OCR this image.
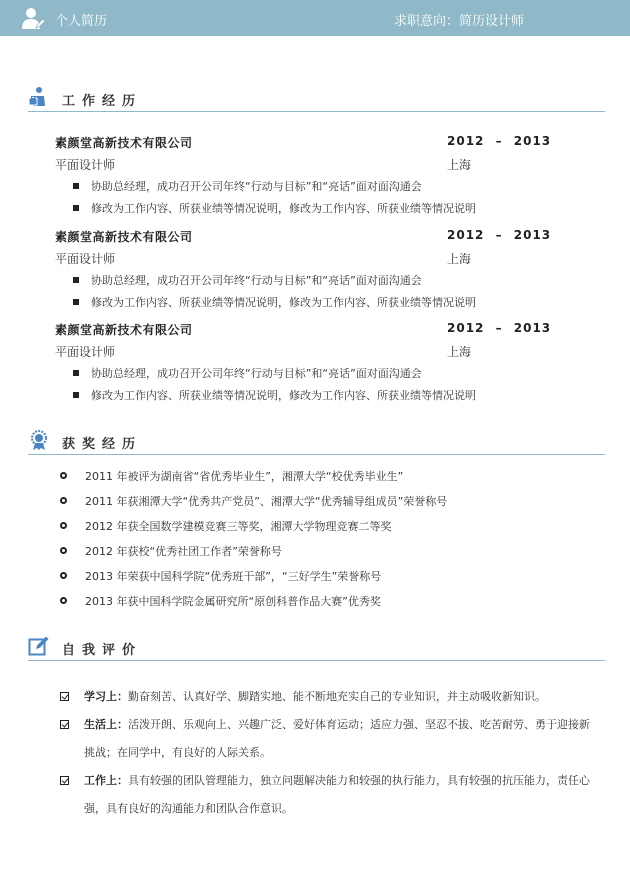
个人简历	求职意向：简历设计师
工作经历
素颜堂高新技术有限公司	2012 – 2013
平面设计师	上海
协助总经理，成功召开公司年终“行动与目标”和“亮话”面对面沟通会
修改为工作内容、所获业绩等情况说明，修改为工作内容、所获业绩等情况说明
素颜堂高新技术有限公司	2012 – 2013
平面设计师	上海
协助总经理，成功召开公司年终“行动与目标”和“亮话”面对面沟通会
修改为工作内容、所获业绩等情况说明，修改为工作内容、所获业绩等情况说明
素颜堂高新技术有限公司	2012 – 2013
平面设计师	上海
协助总经理，成功召开公司年终“行动与目标”和“亮话”面对面沟通会
修改为工作内容、所获业绩等情况说明，修改为工作内容、所获业绩等情况说明
获奖经历
2011 年被评为湖南省“省优秀毕业生”，湘潭大学“校优秀毕业生”
2011 年获湘潭大学“优秀共产党员”、湘潭大学“优秀辅导组成员”荣誉称号
2012 年获全国数学建模竞赛三等奖，湘潭大学物理竞赛二等奖
2012 年获校“优秀社团工作者”荣誉称号
2013 年荣获中国科学院“优秀班干部”，“三好学生”荣誉称号
2013 年获中国科学院金属研究所“原创科普作品大赛”优秀奖
自我评价
学习上：勤奋刻苦、认真好学、脚踏实地、能不断地充实自己的专业知识，并主动吸收新知识。
生活上：活泼开朗、乐观向上、兴趣广泛、爱好体育运动；适应力强、坚忍不拔、吃苦耐劳、勇于迎接新挑战；在同学中，有良好的人际关系。
工作上：具有较强的团队管理能力，独立问题解决能力和较强的执行能力，具有较强的抗压能力，责任心强，具有良好的沟通能力和团队合作意识。
